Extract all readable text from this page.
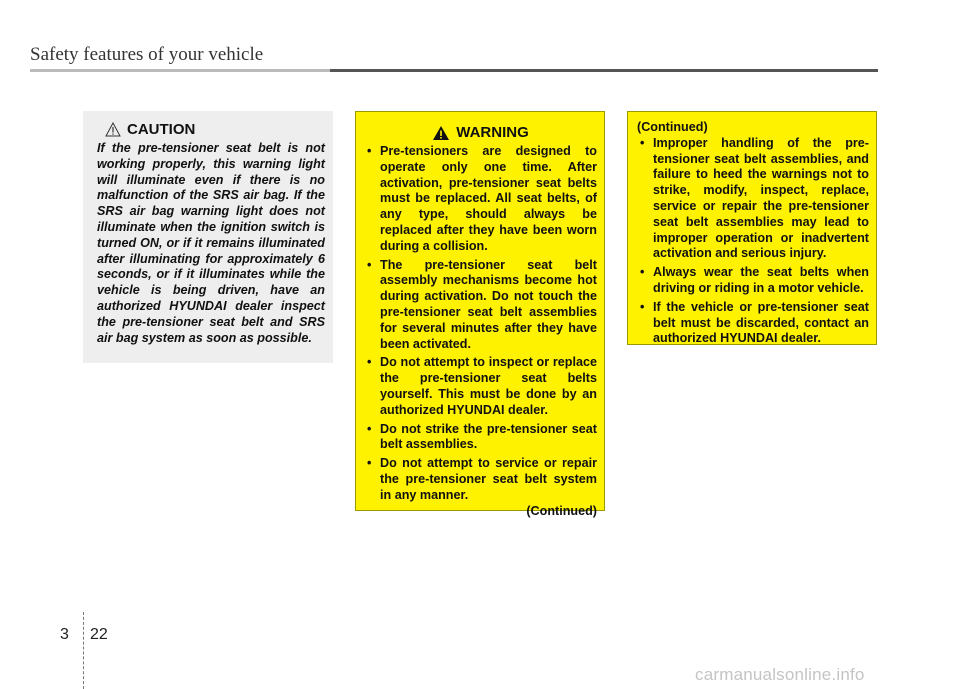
Safety features of your vehicle
CAUTION

If the pre-tensioner seat belt is not working properly, this warning light will illuminate even if there is no malfunction of the SRS air bag. If the SRS air bag warning light does not illuminate when the ignition switch is turned ON, or if it remains illuminated after illuminating for approximately 6 seconds, or if it illuminates while the vehicle is being driven, have an authorized HYUNDAI dealer inspect the pre-tensioner seat belt and SRS air bag system as soon as possible.

WARNING
• Pre-tensioners are designed to operate only one time. After activation, pre-tensioner seat belts must be replaced. All seat belts, of any type, should always be replaced after they have been worn during a collision.
• The pre-tensioner seat belt assembly mechanisms become hot during activation. Do not touch the pre-tensioner seat belt assemblies for several minutes after they have been activated.
• Do not attempt to inspect or replace the pre-tensioner seat belts yourself. This must be done by an authorized HYUNDAI dealer.
• Do not strike the pre-tensioner seat belt assemblies.
• Do not attempt to service or repair the pre-tensioner seat belt system in any manner.
(Continued)
(Continued)
• Improper handling of the pre-tensioner seat belt assemblies, and failure to heed the warnings not to strike, modify, inspect, replace, service or repair the pre-tensioner seat belt assemblies may lead to improper operation or inadvertent activation and serious injury.
• Always wear the seat belts when driving or riding in a motor vehicle.
• If the vehicle or pre-tensioner seat belt must be discarded, contact an authorized HYUNDAI dealer.
3 22
carmanualsonline.info
